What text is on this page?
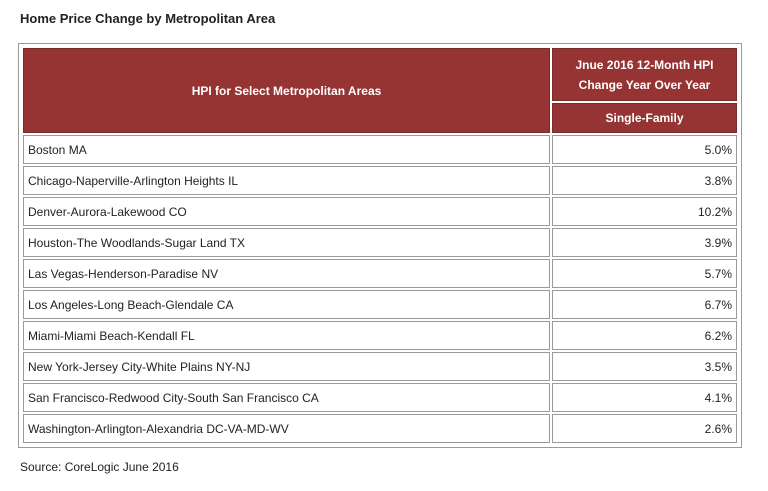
Home Price Change by Metropolitan Area
HPI for Select Metropolitan Areas	Jnue 2016 12-Month HPI
Change Year Over Year
	Single-Family
Boston MA	5.0%
Chicago-Naperville-Arlington Heights IL	3.8%
Denver-Aurora-Lakewood CO	10.2%
Houston-The Woodlands-Sugar Land TX	3.9%
Las Vegas-Henderson-Paradise NV	5.7%
Los Angeles-Long Beach-Glendale CA	6.7%
Miami-Miami Beach-Kendall FL	6.2%
New York-Jersey City-White Plains NY-NJ	3.5%
San Francisco-Redwood City-South San Francisco CA	4.1%
Washington-Arlington-Alexandria DC-VA-MD-WV	2.6%
Source: CoreLogic June 2016
